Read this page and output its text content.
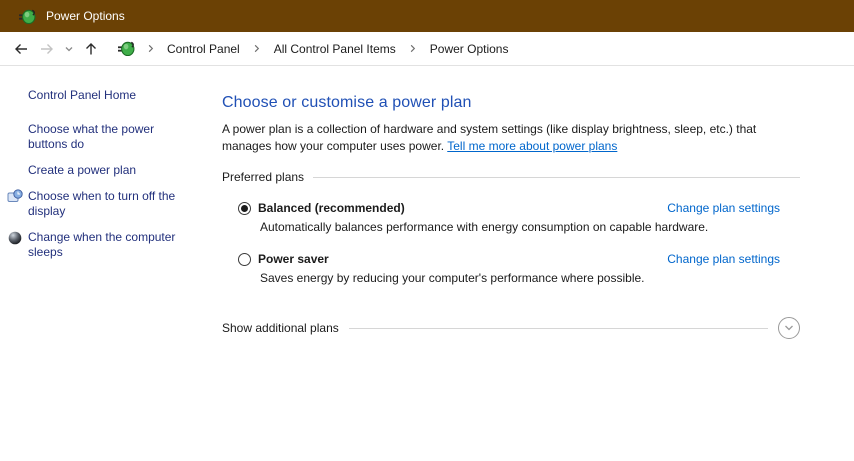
Power Options
Control Panel	All Control Panel Items	Power Options
Control Panel Home
Choose what the power buttons do
Create a power plan
Choose when to turn off the display
Change when the computer sleeps
Choose or customise a power plan

A power plan is a collection of hardware and system settings (like display brightness, sleep, etc.) that manages how your computer uses power. Tell me more about power plans

Preferred plans
Balanced (recommended)	Change plan settings
Automatically balances performance with energy consumption on capable hardware.
Power saver	Change plan settings
Saves energy by reducing your computer's performance where possible.
Show additional plans
